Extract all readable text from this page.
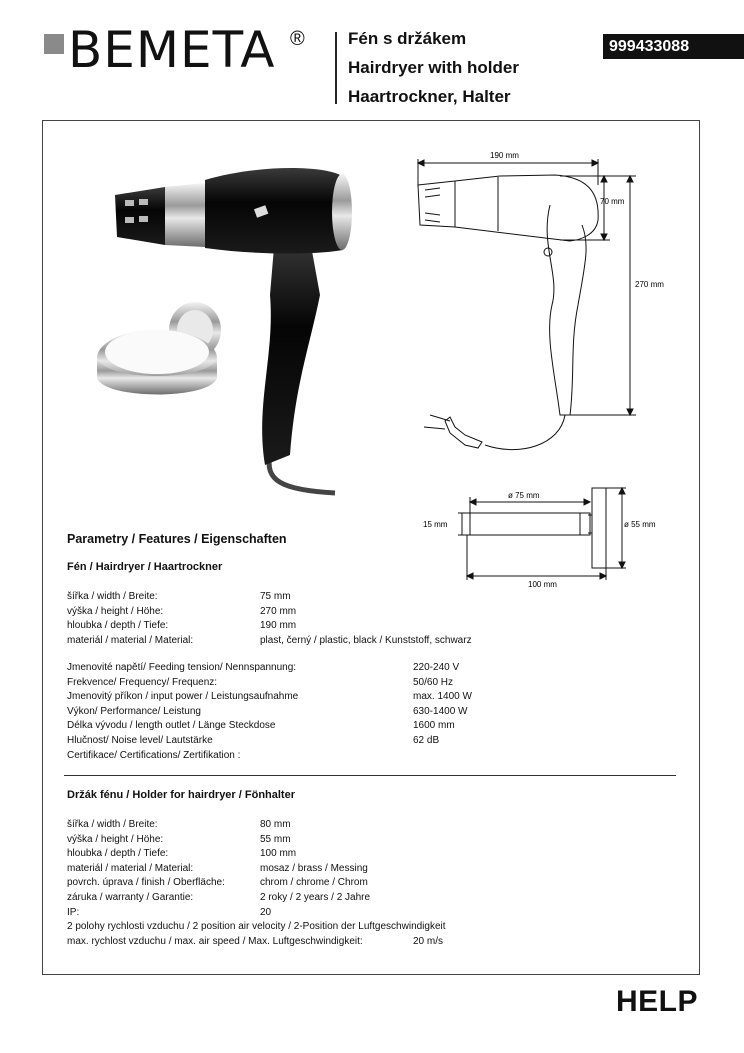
BEMETA ®	Fén s držákem
Hairdryer with holder
Haartrockner, Halter
999433088
190 mm
70 mm
270 mm
ø 75 mm
15 mm	ø 55 mm
100 mm
Parametry / Features / Eigenschaften
Fén / Hairdryer / Haartrockner
šířka / width / Breite:	75 mm
výška / height / Höhe:	270 mm
hloubka / depth / Tiefe:	190 mm
materiál / material / Material:	plast, černý / plastic, black / Kunststoff, schwarz
Jmenovité napětí/ Feeding tension/ Nennspannung:	220-240 V
Frekvence/ Frequency/ Frequenz:	50/60 Hz
Jmenovitý příkon / input power / Leistungsaufnahme	max. 1400 W
Výkon/ Performance/ Leistung	630-1400 W
Délka vývodu / length outlet / Länge Steckdose	1600 mm
Hlučnost/ Noise level/ Lautstärke	62 dB
Certifikace/ Certifications/ Zertifikation :
Držák fénu / Holder for hairdryer / Fönhalter
šířka / width / Breite:	80 mm
výška / height / Höhe:	55 mm
hloubka / depth / Tiefe:	100 mm
materiál / material / Material:	mosaz / brass / Messing
povrch. úprava / finish / Oberfläche:	chrom / chrome / Chrom
záruka / warranty / Garantie:	2 roky / 2 years / 2 Jahre
IP:	20
2 polohy rychlosti vzduchu / 2 position air velocity / 2-Position der Luftgeschwindigkeit
max. rychlost vzduchu / max. air speed / Max. Luftgeschwindigkeit:	20 m/s
HELP
